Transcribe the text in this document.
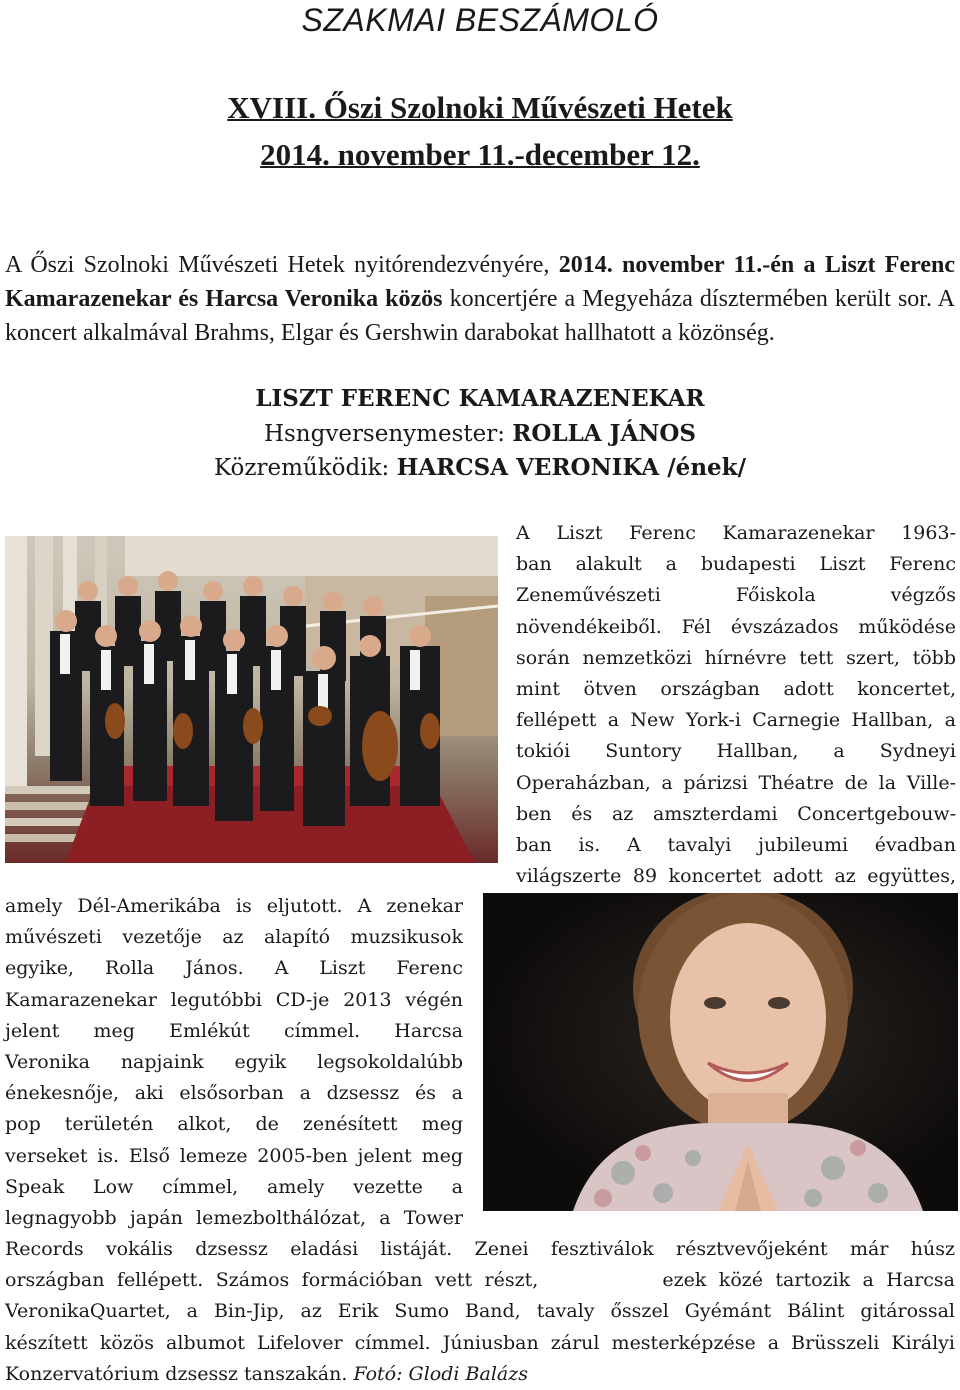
SZAKMAI BESZÁMOLÓ
XVIII. Őszi Szolnoki Művészeti Hetek
2014. november 11.-december 12.

A Őszi Szolnoki Művészeti Hetek nyitórendezvényére, 2014. november 11.-én a Liszt Ferenc Kamarazenekar és Harcsa Veronika közös koncertjére a Megyeháza dísztermében került sor. A koncert alkalmával Brahms, Elgar és Gershwin darabokat hallhatott a közönség.

LISZT FERENC KAMARAZENEKAR
Hsngversenymester: ROLLA JÁNOS
Közreműködik: HARCSA VERONIKA /ének/
A Liszt Ferenc Kamarazenekar 1963-
ban alakult a budapesti Liszt Ferenc
Zeneművészeti Főiskola végzős
növendékeiből. Fél évszázados működése
során nemzetközi hírnévre tett szert, több
mint ötven országban adott koncertet,
fellépett a New York-i Carnegie Hallban, a
tokiói Suntory Hallban, a Sydneyi
Operaházban, a párizsi Théatre de la Ville-
ben és az amszterdami Concertgebouw-
ban is. A tavalyi jubileumi évadban
világszerte 89 koncertet adott az együttes,
amely Dél-Amerikába is eljutott. A zenekar
művészeti vezetője az alapító muzsikusok
egyike, Rolla János. A Liszt Ferenc
Kamarazenekar legutóbbi CD-je 2013 végén
jelent meg Emlékút címmel. Harcsa
Veronika napjaink egyik legsokoldalúbb
énekesnője, aki elsősorban a dzsessz és a
pop területén alkot, de zenésített meg
verseket is. Első lemeze 2005-ben jelent meg
Speak Low címmel, amely vezette a
legnagyobb japán lemezbolthálózat, a Tower
Records vokális dzsessz eladási listáját. Zenei fesztiválok résztvevőjeként már húsz
országban fellépett. Számos formációban vett részt,          ezek közé tartozik a Harcsa
VeronikaQuartet, a Bin-Jip, az Erik Sumo Band, tavaly ősszel Gyémánt Bálint gitárossal
készített közös albumot Lifelover címmel. Júniusban zárul mesterképzése a Brüsszeli Királyi
Konzervatórium dzsessz tanszakán. Fotó: Glodi Balázs
